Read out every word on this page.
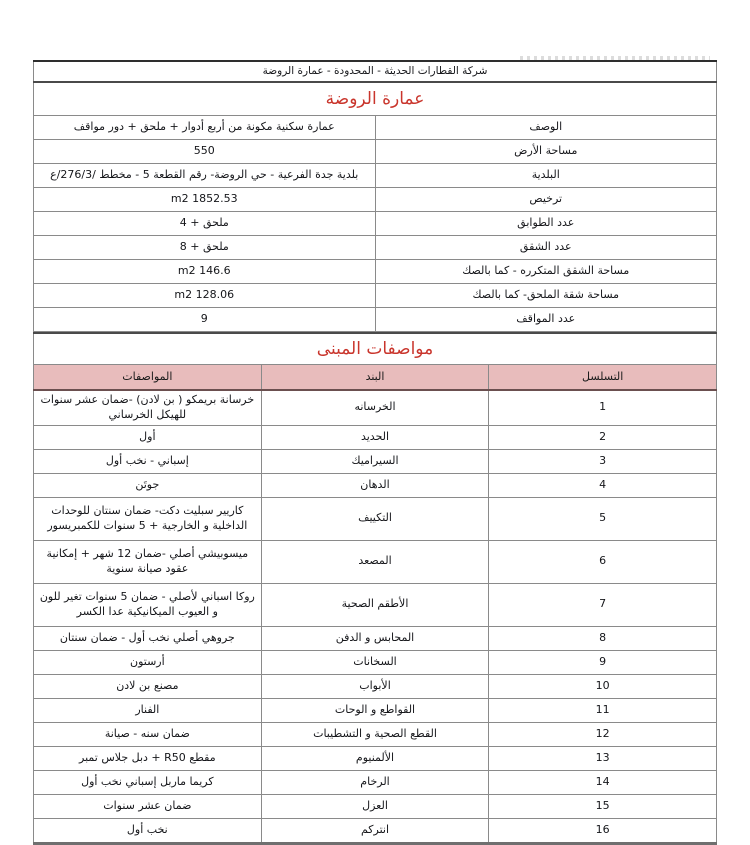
شركة القطارات الحديثة - المحدودة - عمارة الروضة	
عمارة الروضة	
الوصف	عمارة سكنية مكونة من أربع أدوار + ملحق + دور مواقف
مساحة الأرض	550
البلدية	بلدية جدة الفرعية - حي الروضة- رقم القطعة 5 - مخطط /276/3/ع
ترخيص	1852.53 m2
عدد الطوابق	ملحق + 4
عدد الشقق	ملحق + 8
مساحة الشقق المتكرره - كما بالصك	146.6 m2
مساحة شقة الملحق- كما بالصك	128.06 m2
عدد المواقف	9

مواصفات المبنى		
التسلسل	البند	المواصفات
1	الخرسانه	خرسانة بريمكو ( بن لادن) -ضمان عشر سنوات للهيكل الخرساني
2	الحديد	أول
3	السيراميك	إسباني - نخب أول
4	الدهان	جوتَن
5	التكييف	كاريير سبليت دكت- ضمان سنتان للوحدات الداخلية و الخارجية + 5 سنوات للكمبريسور
6	المصعد	ميسوبيشي أصلي -ضمان 12 شهر + إمكانية عقود صيانة سنوية
7	الأطقم الصحية	روكا اسباني لأصلي - ضمان 5 سنوات تغير للون و العيوب الميكانيكية عدا الكسر
8	المحابس و الدفن	جروهي أصلي نخب أول - ضمان سنتان
9	السخانات	أرستون
10	الأبواب	مصنع بن لادن
11	القواطع و الوحات	الفنار
12	القطع الصحية و التشطيبات	ضمان سنه - صيانة
13	الألمنيوم	مقطع R50 + دبل جلاس تمبر
14	الرخام	كريما ماربل إسباني نخب أول
15	العزل	ضمان عشر سنوات
16	انتركم	نخب أول
